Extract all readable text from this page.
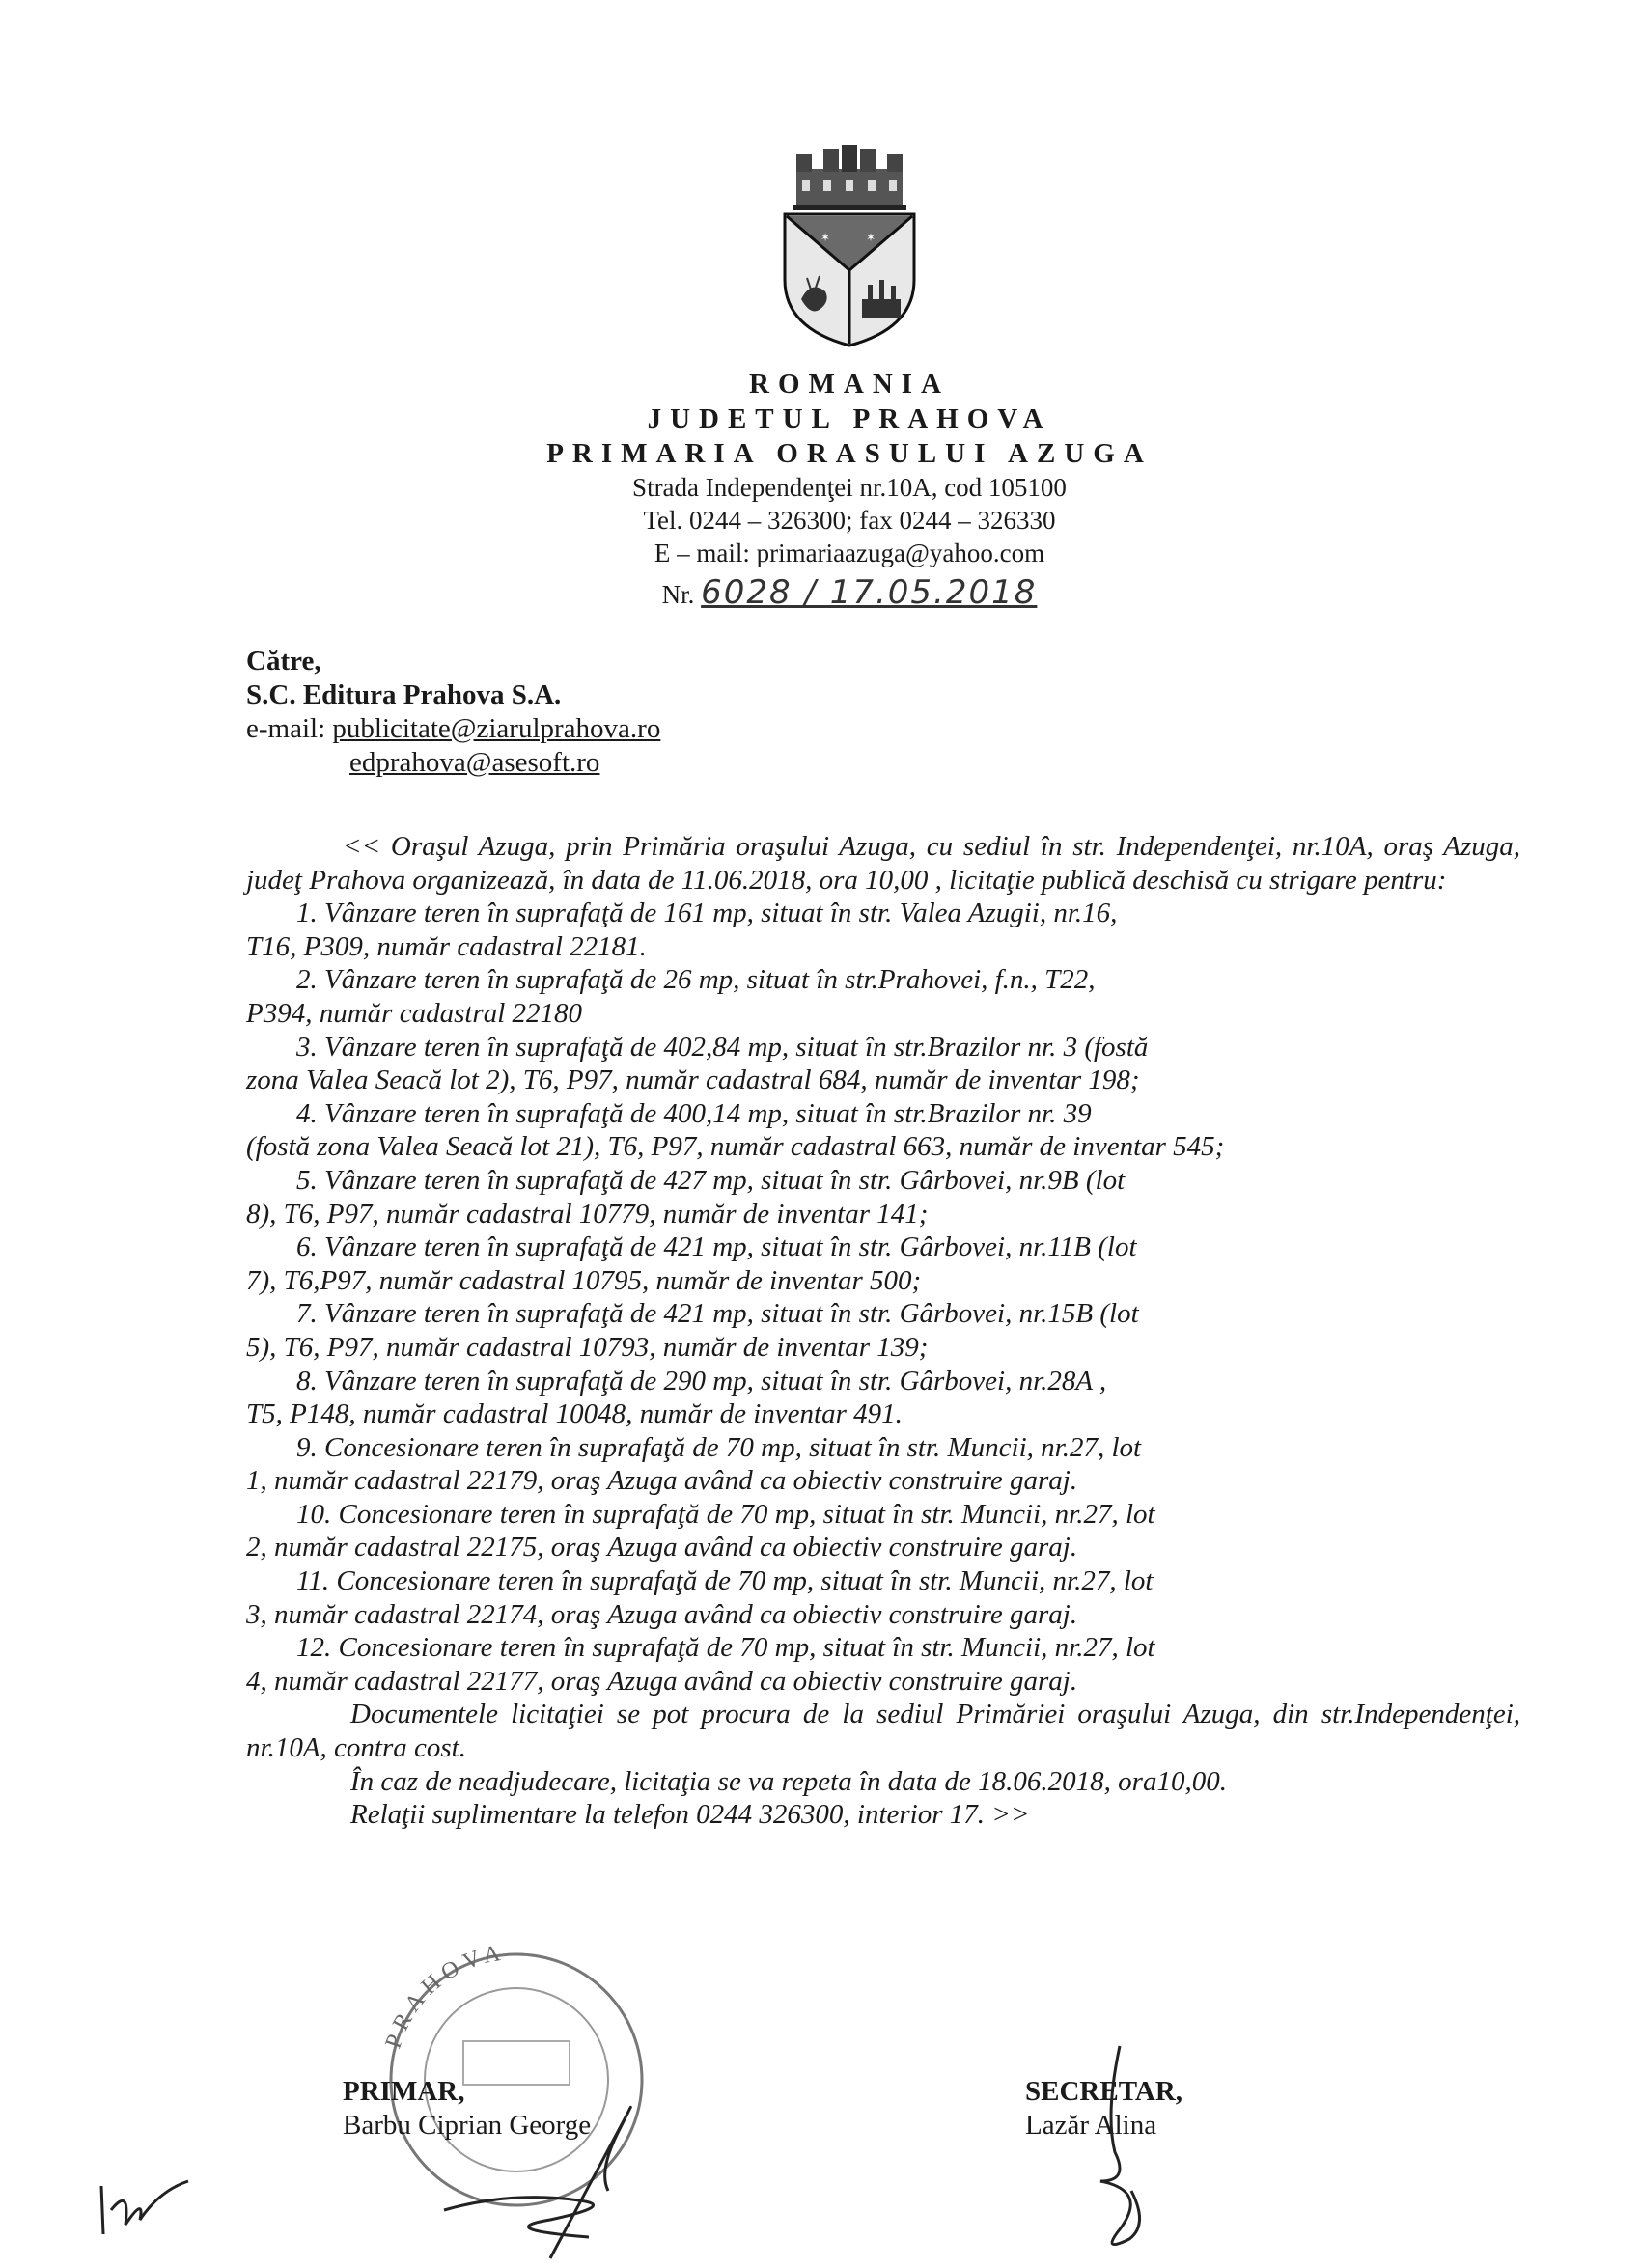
✶	✶
ROMANIA
JUDETUL PRAHOVA
PRIMARIA ORASULUI AZUGA
Strada Independenţei nr.10A, cod 105100
Tel. 0244 – 326300; fax 0244 – 326330
E – mail: primariaazuga@yahoo.com
Nr. 6028 / 17.05.2018
Către,
S.C. Editura Prahova S.A.
e-mail: publicitate@ziarulprahova.ro
edprahova@asesoft.ro

<< Oraşul Azuga, prin Primăria oraşului Azuga, cu sediul în str. Independenţei, nr.10A, oraş Azuga, judeţ Prahova organizează, în data de 11.06.2018, ora 10,00 , licitaţie publică deschisă cu strigare pentru:

1. Vânzare teren în suprafaţă de 161 mp, situat în str. Valea Azugii, nr.16,
T16, P309, număr cadastral 22181.

2. Vânzare teren în suprafaţă de 26 mp, situat în str.Prahovei, f.n., T22,
P394, număr cadastral 22180

3. Vânzare teren în suprafaţă de 402,84 mp, situat în str.Brazilor nr. 3 (fostă
zona Valea Seacă lot 2), T6, P97, număr cadastral 684, număr de inventar 198;

4. Vânzare teren în suprafaţă de 400,14 mp, situat în str.Brazilor nr. 39
(fostă zona Valea Seacă lot 21), T6, P97, număr cadastral 663, număr de inventar 545;

5. Vânzare teren în suprafaţă de 427 mp, situat în str. Gârbovei, nr.9B (lot
8), T6, P97, număr cadastral 10779, număr de inventar 141;

6. Vânzare teren în suprafaţă de 421 mp, situat în str. Gârbovei, nr.11B (lot
7), T6,P97, număr cadastral 10795, număr de inventar 500;

7. Vânzare teren în suprafaţă de 421 mp, situat în str. Gârbovei, nr.15B (lot
5), T6, P97, număr cadastral 10793, număr de inventar 139;

8. Vânzare teren în suprafaţă de 290 mp, situat în str. Gârbovei, nr.28A ,
T5, P148, număr cadastral 10048, număr de inventar 491.

9. Concesionare teren în suprafaţă de 70 mp, situat în str. Muncii, nr.27, lot
1, număr cadastral 22179, oraş Azuga având ca obiectiv construire garaj.

10. Concesionare teren în suprafaţă de 70 mp, situat în str. Muncii, nr.27, lot
2, număr cadastral 22175, oraş Azuga având ca obiectiv construire garaj.

11. Concesionare teren în suprafaţă de 70 mp, situat în str. Muncii, nr.27, lot
3, număr cadastral 22174, oraş Azuga având ca obiectiv construire garaj.

12. Concesionare teren în suprafaţă de 70 mp, situat în str. Muncii, nr.27, lot
4, număr cadastral 22177, oraş Azuga având ca obiectiv construire garaj.

Documentele licitaţiei se pot procura de la sediul Primăriei oraşului Azuga, din str.Independenţei, nr.10A, contra cost.

În caz de neadjudecare, licitaţia se va repeta în data de 18.06.2018, ora10,00.

Relaţii suplimentare la telefon 0244 326300, interior 17. >>

PRAHOVA
PRIMAR,
Barbu Ciprian George
SECRETAR,
Lazăr Alina
